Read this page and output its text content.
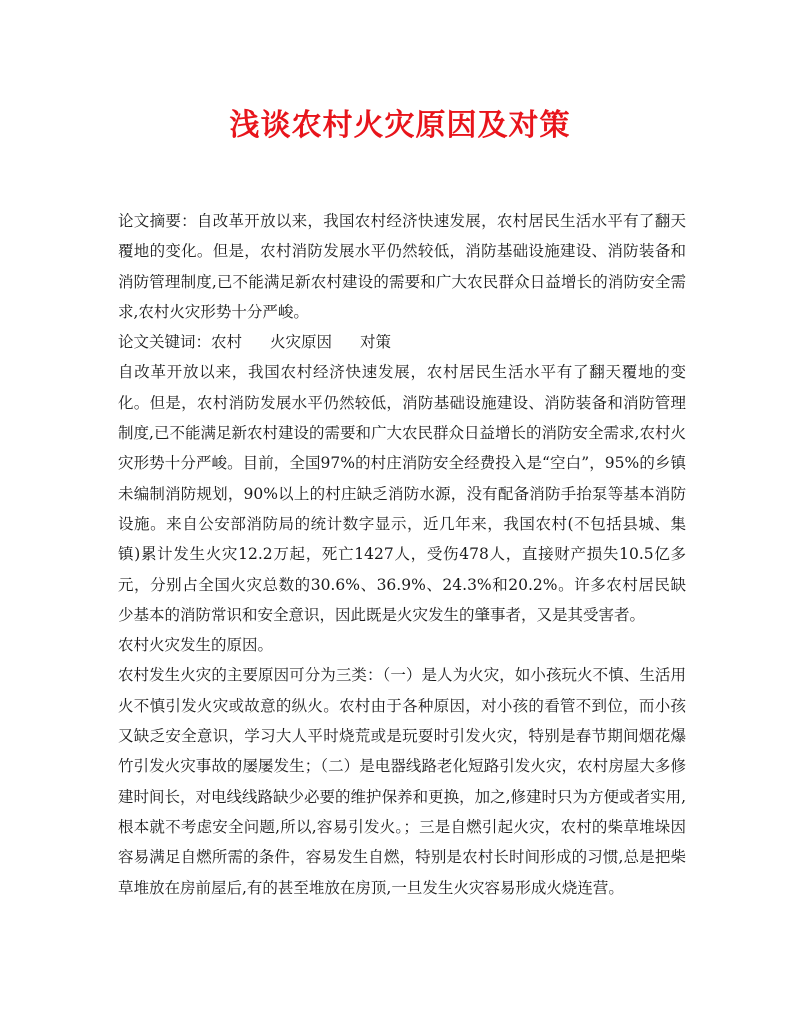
浅谈农村火灾原因及对策

论文摘要：自改革开放以来，我国农村经济快速发展，农村居民生活水平有了翻天覆地的变化。但是，农村消防发展水平仍然较低，消防基础设施建设、消防装备和消防管理制度,已不能满足新农村建设的需要和广大农民群众日益增长的消防安全需求,农村火灾形势十分严峻。

论文关键词：农村 火灾原因 对策

自改革开放以来，我国农村经济快速发展，农村居民生活水平有了翻天覆地的变化。但是，农村消防发展水平仍然较低，消防基础设施建设、消防装备和消防管理制度,已不能满足新农村建设的需要和广大农民群众日益增长的消防安全需求,农村火灾形势十分严峻。目前，全国97%的村庄消防安全经费投入是“空白”，95%的乡镇未编制消防规划，90%以上的村庄缺乏消防水源，没有配备消防手抬泵等基本消防设施。来自公安部消防局的统计数字显示，近几年来，我国农村(不包括县城、集镇)累计发生火灾12.2万起，死亡1427人，受伤478人，直接财产损失10.5亿多元，分别占全国火灾总数的30.6%、36.9%、24.3%和20.2%。许多农村居民缺少基本的消防常识和安全意识，因此既是火灾发生的肇事者，又是其受害者。

农村火灾发生的原因。

农村发生火灾的主要原因可分为三类：（一）是人为火灾，如小孩玩火不慎、生活用火不慎引发火灾或故意的纵火。农村由于各种原因，对小孩的看管不到位，而小孩又缺乏安全意识，学习大人平时烧荒或是玩耍时引发火灾，特别是春节期间烟花爆竹引发火灾事故的屡屡发生；（二）是电器线路老化短路引发火灾，农村房屋大多修建时间长，对电线线路缺少必要的维护保养和更换，加之,修建时只为方便或者实用,根本就不考虑安全问题,所以,容易引发火。；三是自燃引起火灾，农村的柴草堆垛因容易满足自燃所需的条件，容易发生自燃，特别是农村长时间形成的习惯,总是把柴草堆放在房前屋后,有的甚至堆放在房顶,一旦发生火灾容易形成火烧连营。
